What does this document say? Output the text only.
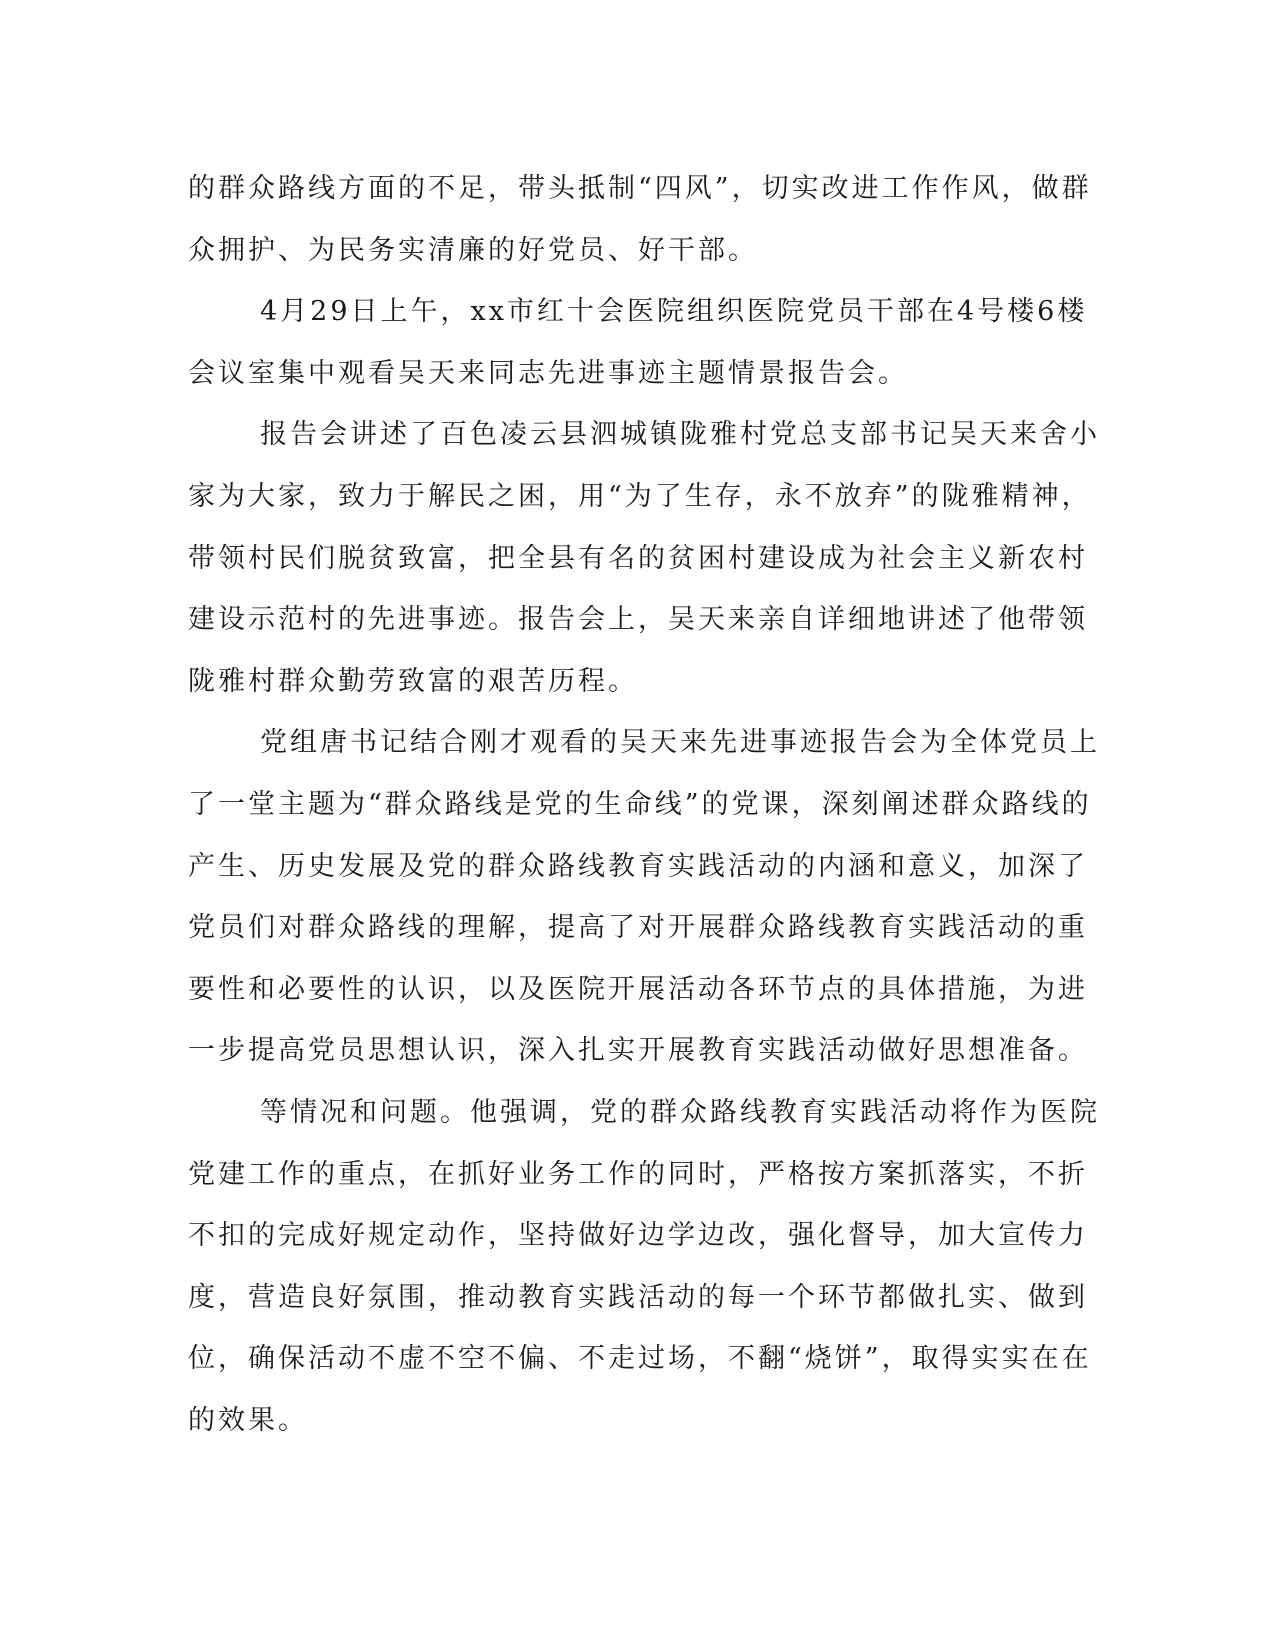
的群众路线方面的不足，带头抵制“四风”，切实改进工作作风，做群
众拥护、为民务实清廉的好党员、好干部。

4月29日上午，xx市红十会医院组织医院党员干部在4号楼6楼
会议室集中观看吴天来同志先进事迹主题情景报告会。

报告会讲述了百色凌云县泗城镇陇雅村党总支部书记吴天来舍小
家为大家，致力于解民之困，用“为了生存，永不放弃”的陇雅精神，
带领村民们脱贫致富，把全县有名的贫困村建设成为社会主义新农村
建设示范村的先进事迹。报告会上，吴天来亲自详细地讲述了他带领
陇雅村群众勤劳致富的艰苦历程。

党组唐书记结合刚才观看的吴天来先进事迹报告会为全体党员上
了一堂主题为“群众路线是党的生命线”的党课，深刻阐述群众路线的
产生、历史发展及党的群众路线教育实践活动的内涵和意义，加深了
党员们对群众路线的理解，提高了对开展群众路线教育实践活动的重
要性和必要性的认识，以及医院开展活动各环节点的具体措施，为进
一步提高党员思想认识，深入扎实开展教育实践活动做好思想准备。

等情况和问题。他强调，党的群众路线教育实践活动将作为医院
党建工作的重点，在抓好业务工作的同时，严格按方案抓落实，不折
不扣的完成好规定动作，坚持做好边学边改，强化督导，加大宣传力
度，营造良好氛围，推动教育实践活动的每一个环节都做扎实、做到
位，确保活动不虚不空不偏、不走过场，不翻“烧饼”，取得实实在在
的效果。
